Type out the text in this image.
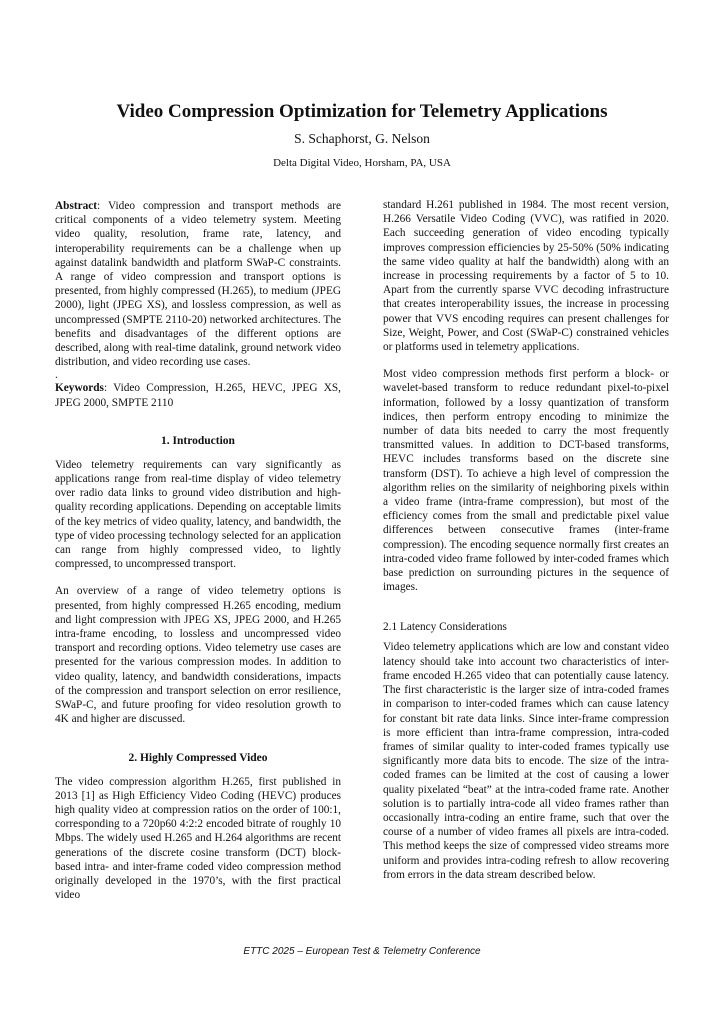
Video Compression Optimization for Telemetry Applications
S. Schaphorst, G. Nelson
Delta Digital Video, Horsham, PA, USA

Abstract: Video compression and transport methods are critical components of a video telemetry system. Meeting video quality, resolution, frame rate, latency, and interoperability requirements can be a challenge when up against datalink bandwidth and platform SWaP-C constraints. A range of video compression and transport options is presented, from highly compressed (H.265), to medium (JPEG 2000), light (JPEG XS), and lossless compression, as well as uncompressed (SMPTE 2110-20) networked architectures. The benefits and disadvantages of the different options are described, along with real-time datalink, ground network video distribution, and video recording use cases.

.

Keywords: Video Compression, H.265, HEVC, JPEG XS, JPEG 2000, SMPTE 2110

1. Introduction

Video telemetry requirements can vary significantly as applications range from real-time display of video telemetry over radio data links to ground video distribution and high-quality recording applications. Depending on acceptable limits of the key metrics of video quality, latency, and bandwidth, the type of video processing technology selected for an application can range from highly compressed video, to lightly compressed, to uncompressed transport.

An overview of a range of video telemetry options is presented, from highly compressed H.265 encoding, medium and light compression with JPEG XS, JPEG 2000, and H.265 intra-frame encoding, to lossless and uncompressed video transport and recording options. Video telemetry use cases are presented for the various compression modes. In addition to video quality, latency, and bandwidth considerations, impacts of the compression and transport selection on error resilience, SWaP-C, and future proofing for video resolution growth to 4K and higher are discussed.

2. Highly Compressed Video

The video compression algorithm H.265, first published in 2013 [1] as High Efficiency Video Coding (HEVC) produces high quality video at compression ratios on the order of 100:1, corresponding to a 720p60 4:2:2 encoded bitrate of roughly 10 Mbps. The widely used H.265 and H.264 algorithms are recent generations of the discrete cosine transform (DCT) block-based intra- and inter-frame coded video compression method originally developed in the 1970’s, with the first practical video

standard H.261 published in 1984. The most recent version, H.266 Versatile Video Coding (VVC), was ratified in 2020. Each succeeding generation of video encoding typically improves compression efficiencies by 25-50% (50% indicating the same video quality at half the bandwidth) along with an increase in processing requirements by a factor of 5 to 10. Apart from the currently sparse VVC decoding infrastructure that creates interoperability issues, the increase in processing power that VVS encoding requires can present challenges for Size, Weight, Power, and Cost (SWaP-C) constrained vehicles or platforms used in telemetry applications.

Most video compression methods first perform a block- or wavelet-based transform to reduce redundant pixel-to-pixel information, followed by a lossy quantization of transform indices, then perform entropy encoding to minimize the number of data bits needed to carry the most frequently transmitted values. In addition to DCT-based transforms, HEVC includes transforms based on the discrete sine transform (DST). To achieve a high level of compression the algorithm relies on the similarity of neighboring pixels within a video frame (intra-frame compression), but most of the efficiency comes from the small and predictable pixel value differences between consecutive frames (inter-frame compression). The encoding sequence normally first creates an intra-coded video frame followed by inter-coded frames which base prediction on surrounding pictures in the sequence of images.

2.1 Latency Considerations

Video telemetry applications which are low and constant video latency should take into account two characteristics of inter-frame encoded H.265 video that can potentially cause latency. The first characteristic is the larger size of intra-coded frames in comparison to inter-coded frames which can cause latency for constant bit rate data links. Since inter-frame compression is more efficient than intra-frame compression, intra-coded frames of similar quality to inter-coded frames typically use significantly more data bits to encode. The size of the intra-coded frames can be limited at the cost of causing a lower quality pixelated “beat” at the intra-coded frame rate. Another solution is to partially intra-code all video frames rather than occasionally intra-coding an entire frame, such that over the course of a number of video frames all pixels are intra-coded. This method keeps the size of compressed video streams more uniform and provides intra-coding refresh to allow recovering from errors in the data stream described below.

ETTC 2025 – European Test & Telemetry Conference
